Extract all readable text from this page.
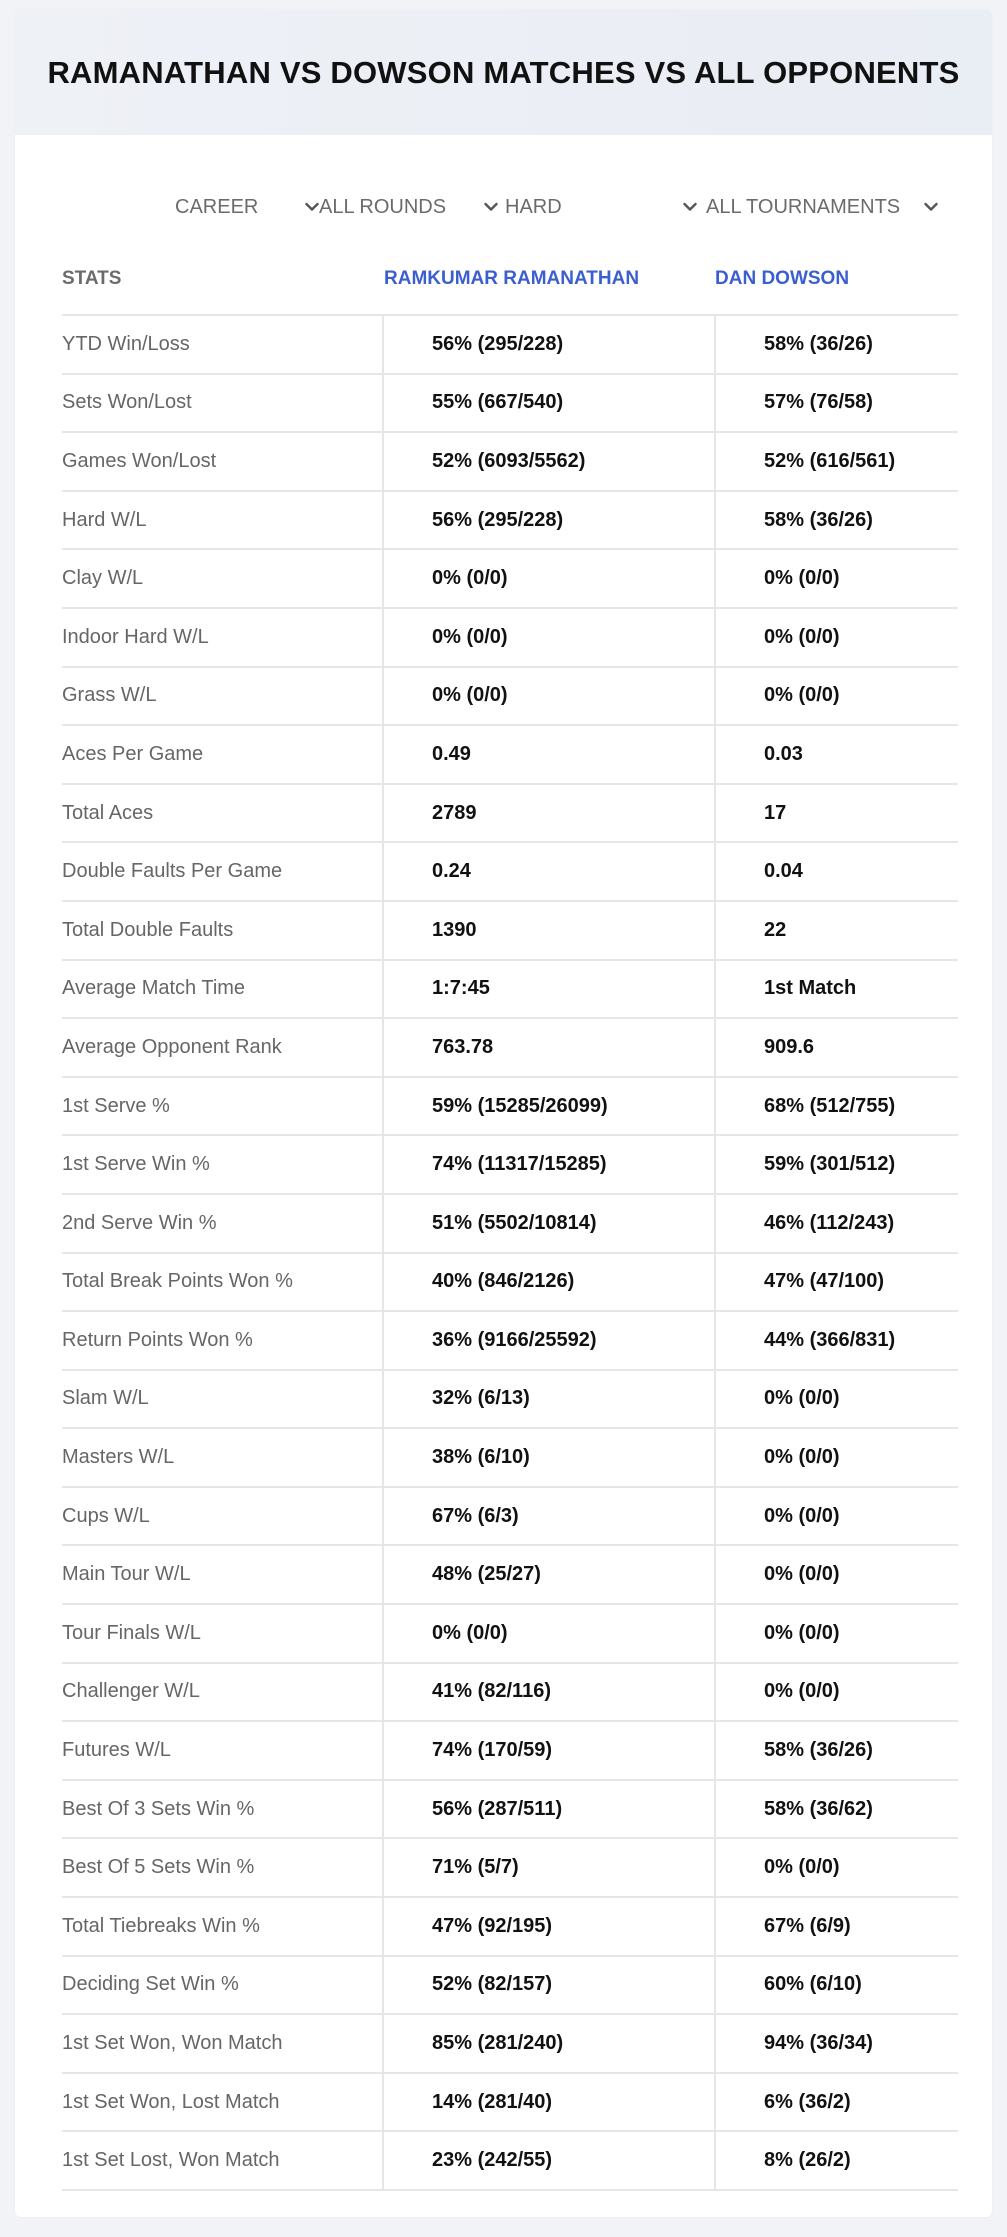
RAMANATHAN VS DOWSON MATCHES VS ALL OPPONENTS
CAREER	ALL ROUNDS	HARD	ALL TOURNAMENTS
STATS	RAMKUMAR RAMANATHAN	DAN DOWSON
YTD Win/Loss	56% (295/228)	58% (36/26)
Sets Won/Lost	55% (667/540)	57% (76/58)
Games Won/Lost	52% (6093/5562)	52% (616/561)
Hard W/L	56% (295/228)	58% (36/26)
Clay W/L	0% (0/0)	0% (0/0)
Indoor Hard W/L	0% (0/0)	0% (0/0)
Grass W/L	0% (0/0)	0% (0/0)
Aces Per Game	0.49	0.03
Total Aces	2789	17
Double Faults Per Game	0.24	0.04
Total Double Faults	1390	22
Average Match Time	1:7:45	1st Match
Average Opponent Rank	763.78	909.6
1st Serve %	59% (15285/26099)	68% (512/755)
1st Serve Win %	74% (11317/15285)	59% (301/512)
2nd Serve Win %	51% (5502/10814)	46% (112/243)
Total Break Points Won %	40% (846/2126)	47% (47/100)
Return Points Won %	36% (9166/25592)	44% (366/831)
Slam W/L	32% (6/13)	0% (0/0)
Masters W/L	38% (6/10)	0% (0/0)
Cups W/L	67% (6/3)	0% (0/0)
Main Tour W/L	48% (25/27)	0% (0/0)
Tour Finals W/L	0% (0/0)	0% (0/0)
Challenger W/L	41% (82/116)	0% (0/0)
Futures W/L	74% (170/59)	58% (36/26)
Best Of 3 Sets Win %	56% (287/511)	58% (36/62)
Best Of 5 Sets Win %	71% (5/7)	0% (0/0)
Total Tiebreaks Win %	47% (92/195)	67% (6/9)
Deciding Set Win %	52% (82/157)	60% (6/10)
1st Set Won, Won Match	85% (281/240)	94% (36/34)
1st Set Won, Lost Match	14% (281/40)	6% (36/2)
1st Set Lost, Won Match	23% (242/55)	8% (26/2)
